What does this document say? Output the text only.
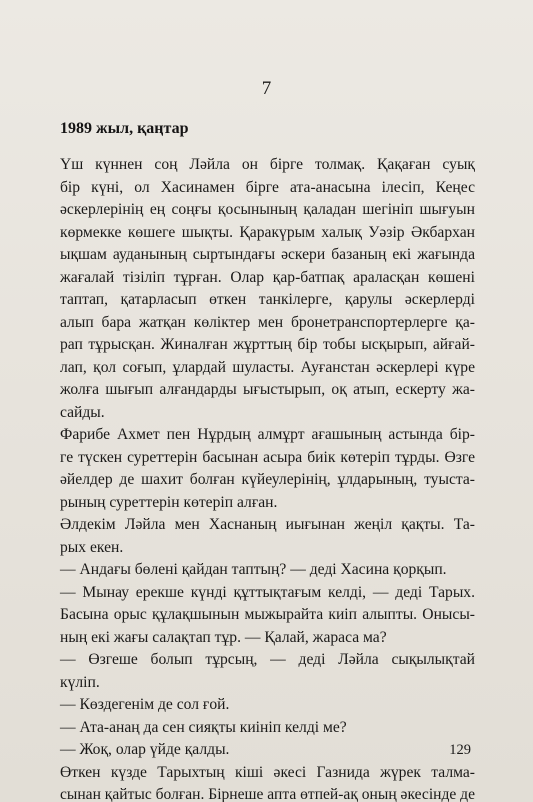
‌ ‌ ‌ ‌ ‌ ‌ ‌ ‌ ‌ ‌ ‌ ‌ ‌ ‌ ‌ ‌ ‌ ‌ ‌ ‌ ‌ ‌ ‌ ‌ ‌ ‌ ‌ ‌ ‌ ‌ ‌ ‌
‌ ‌ ‌ ‌ ‌ ‌ ‌ ‌ ‌ ‌ ‌ ‌ ‌ ‌ ‌ ‌ ‌ ‌ ‌ ‌ ‌ ‌ ‌ ‌ ‌ ‌ ‌ ‌ ‌ ‌ ‌ ‌
7
1989 жыл, қаңтар
Үш күннен соң Ләйла он бірге толмақ. Қақаған суық
бір күні, ол Хасинамен бірге ата-анасына ілесіп, Кеңес
әскерлерінің ең соңғы қосынының қаладан шегініп шығуын
көрмекке көшеге шықты. Қаракүрым халық Уәзір Әкбархан
ықшам ауданының сыртындағы әскери базаның екі жағында
жағалай тізіліп тұрған. Олар қар-батпақ араласқан көшені
таптап, қатарласып өткен танкілерге, қарулы әскерлерді
алып бара жатқан көліктер мен бронетранспортерлерге қа-
рап тұрысқан. Жиналған жұрттың бір тобы ысқырып, айғай-
лап, қол соғып, ұлардай шуласты. Ауғанстан әскерлері күре
жолға шығып алғандарды ығыстырып, оқ атып, ескерту жа-
сайды.
Фарибе Ахмет пен Нұрдың алмұрт ағашының астында бір-
ге түскен суреттерін басынан асыра биік көтеріп тұрды. Өзге
әйелдер де шахит болған күйеулерінің, ұлдарының, туыста-
рының суреттерін көтеріп алған.
Әлдекім Ләйла мен Хаснаның иығынан жеңіл қақты. Та-
рых екен.
— Андағы бөлені қайдан таптың? — деді Хасина қорқып.
— Мынау ерекше күнді құттықтағым келді, — деді Тарых.
Басына орыс құлақшынын мыжырайта киіп алыпты. Онысы-
ның екі жағы салақтап тұр. — Қалай, жараса ма?
— Өзгеше болып тұрсың, — деді Ләйла сықылықтай
күліп.
— Көздегенім де сол ғой.
— Ата-анаң да сен сияқты киініп келді ме?
— Жоқ, олар үйде қалды.
Өткен күзде Тарыхтың кіші әкесі Газнида жүрек талма-
сынан қайтыс болған. Бірнеше апта өтпей-ақ оның әкесінде де
129
